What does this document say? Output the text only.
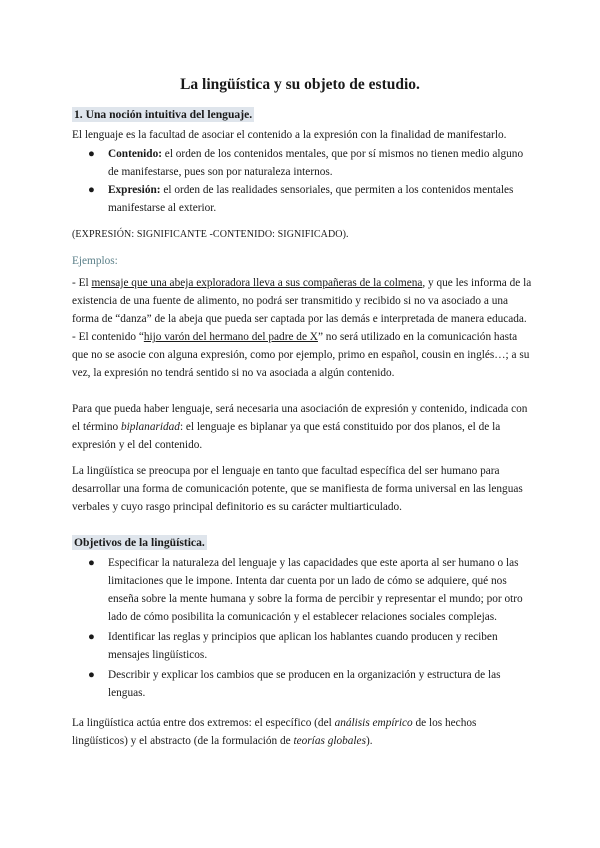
La lingüística y su objeto de estudio.
1. Una noción intuitiva del lenguaje.

El lenguaje es la facultad de asociar el contenido a la expresión con la finalidad de manifestarlo.

● Contenido: el orden de los contenidos mentales, que por sí mismos no tienen medio alguno de manifestarse, pues son por naturaleza internos.
● Expresión: el orden de las realidades sensoriales, que permiten a los contenidos mentales manifestarse al exterior.

(EXPRESIÓN: SIGNIFICANTE -CONTENIDO: SIGNIFICADO).

Ejemplos:

- El mensaje que una abeja exploradora lleva a sus compañeras de la colmena, y que les informa de la existencia de una fuente de alimento, no podrá ser transmitido y recibido si no va asociado a una forma de “danza” de la abeja que pueda ser captada por las demás e interpretada de manera educada.

- El contenido “hijo varón del hermano del padre de X” no será utilizado en la comunicación hasta que no se asocie con alguna expresión, como por ejemplo, primo en español, cousin en inglés…; a su vez, la expresión no tendrá sentido si no va asociada a algún contenido.

Para que pueda haber lenguaje, será necesaria una asociación de expresión y contenido, indicada con el término biplanaridad: el lenguaje es biplanar ya que está constituido por dos planos, el de la expresión y el del contenido.

La lingüística se preocupa por el lenguaje en tanto que facultad específica del ser humano para desarrollar una forma de comunicación potente, que se manifiesta de forma universal en las lenguas verbales y cuyo rasgo principal definitorio es su carácter multiarticulado.

Objetivos de la lingüística.
● Especificar la naturaleza del lenguaje y las capacidades que este aporta al ser humano o las limitaciones que le impone. Intenta dar cuenta por un lado de cómo se adquiere, qué nos enseña sobre la mente humana y sobre la forma de percibir y representar el mundo; por otro lado de cómo posibilita la comunicación y el establecer relaciones sociales complejas.
● Identificar las reglas y principios que aplican los hablantes cuando producen y reciben mensajes lingüísticos.
● Describir y explicar los cambios que se producen en la organización y estructura de las lenguas.

La lingüística actúa entre dos extremos: el específico (del análisis empírico de los hechos lingüísticos) y el abstracto (de la formulación de teorías globales).
